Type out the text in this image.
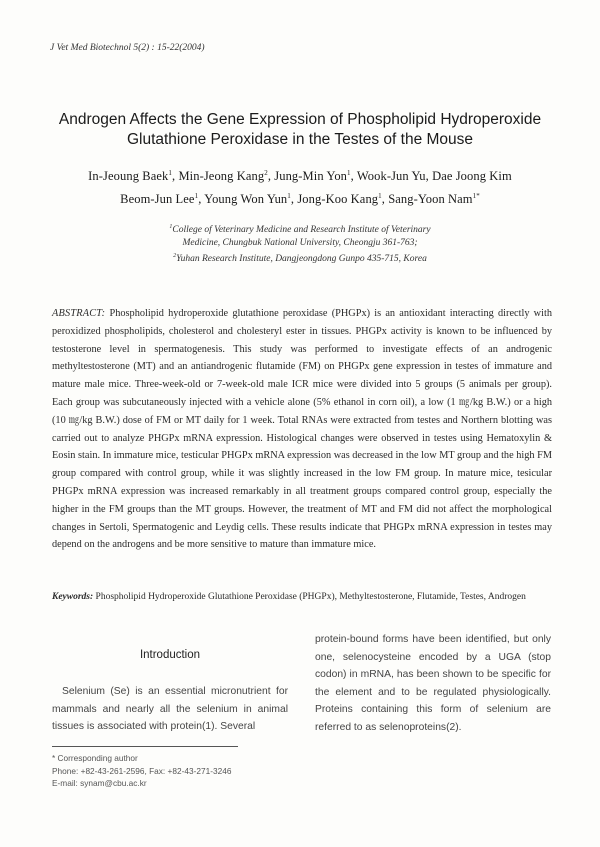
J Vet Med Biotechnol 5(2) : 15-22(2004)
Androgen Affects the Gene Expression of Phospholipid Hydroperoxide
Glutathione Peroxidase in the Testes of the Mouse
In-Jeoung Baek$^1$, Min-Jeong Kang$^2$, Jung-Min Yon$^1$, Wook-Jun Yu, Dae Joong Kim
Beom-Jun Lee$^1$, Young Won Yun$^1$, Jong-Koo Kang$^1$, Sang-Yoon Nam$^{1*}$
$^1$College of Veterinary Medicine and Research Institute of Veterinary
Medicine, Chungbuk National University, Cheongju 361-763;
$^2$Yuhan Research Institute, Dangjeongdong Gunpo 435-715, Korea
ABSTRACT: Phospholipid hydroperoxide glutathione peroxidase (PHGPx) is an antioxidant interacting directly with peroxidized phospholipids, cholesterol and cholesteryl ester in tissues. PHGPx activity is known to be influenced by testosterone level in spermatogenesis. This study was performed to investigate effects of an androgenic methyltestosterone (MT) and an antiandrogenic flutamide (FM) on PHGPx gene expression in testes of immature and mature male mice. Three-week-old or 7-week-old male ICR mice were divided into 5 groups (5 animals per group). Each group was subcutaneously injected with a vehicle alone (5% ethanol in corn oil), a low (1 ㎎/kg B.W.) or a high (10 ㎎/kg B.W.) dose of FM or MT daily for 1 week. Total RNAs were extracted from testes and Northern blotting was carried out to analyze PHGPx mRNA expression. Histological changes were observed in testes using Hematoxylin & Eosin stain. In immature mice, testicular PHGPx mRNA expression was decreased in the low MT group and the high FM group compared with control group, while it was slightly increased in the low FM group. In mature mice, tesicular PHGPx mRNA expression was increased remarkably in all treatment groups compared control group, especially the higher in the FM groups than the MT groups. However, the treatment of MT and FM did not affect the morphological changes in Sertoli, Spermatogenic and Leydig cells. These results indicate that PHGPx mRNA expression in testes may depend on the androgens and be more sensitive to mature than immature mice.
Keywords: Phospholipid Hydroperoxide Glutathione Peroxidase (PHGPx), Methyltestosterone, Flutamide, Testes, Androgen
Introduction
Selenium (Se) is an essential micronutrient for mammals and nearly all the selenium in animal tissues is associated with protein(1). Several
protein-bound forms have been identified, but only one, selenocysteine encoded by a UGA (stop codon) in mRNA, has been shown to be specific for the element and to be regulated physiologically. Proteins containing this form of selenium are referred to as selenoproteins(2).
* Corresponding author
Phone: +82-43-261-2596, Fax: +82-43-271-3246
E-mail: synam@cbu.ac.kr
